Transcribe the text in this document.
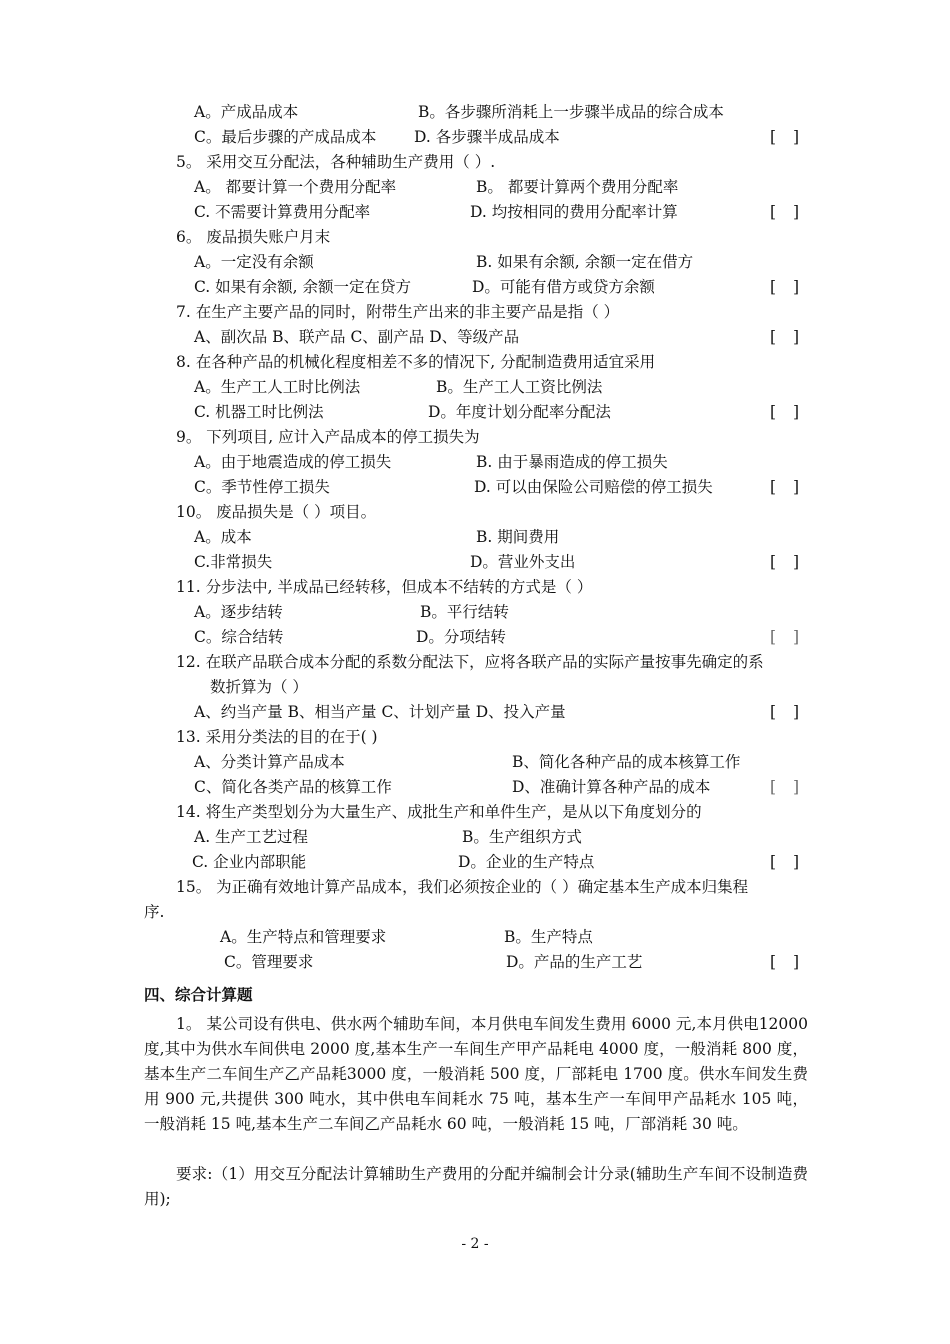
A。产成品成本	B。各步骤所消耗上一步骤半成品的综合成本
C。最后步骤的产成品成本 D. 各步骤半成品成本	[ ]
5。 采用交互分配法，各种辅助生产费用（ ）.
A。 都要计算一个费用分配率	B。 都要计算两个费用分配率
C. 不需要计算费用分配率	D. 均按相同的费用分配率计算	[ ]
6。 废品损失账户月末
A。一定没有余额	B. 如果有余额, 余额一定在借方
C. 如果有余额, 余额一定在贷方	D。可能有借方或贷方余额	[ ]
7. 在生产主要产品的同时，附带生产出来的非主要产品是指（ ）
A、副次品 B、联产品 C、副产品 D、等级产品	[ ]
8. 在各种产品的机械化程度相差不多的情况下, 分配制造费用适宜采用
A。生产工人工时比例法	B。生产工人工资比例法
C. 机器工时比例法	D。年度计划分配率分配法	[ ]
9。 下列项目, 应计入产品成本的停工损失为
A。由于地震造成的停工损失	B. 由于暴雨造成的停工损失
C。季节性停工损失	D. 可以由保险公司赔偿的停工损失	[ ]
10。 废品损失是（ ）项目。
A。成本	B. 期间费用
C.非常损失	D。营业外支出	[ ]
11. 分步法中, 半成品已经转移，但成本不结转的方式是（ ）
A。逐步结转	B。平行结转
C。综合结转	D。分项结转	[ ]
12. 在联产品联合成本分配的系数分配法下，应将各联产品的实际产量按事先确定的系
数折算为（ ）
A、约当产量 B、相当产量 C、计划产量 D、投入产量	[ ]
13. 采用分类法的目的在于( )
A、分类计算产品成本	B、简化各种产品的成本核算工作
C、简化各类产品的核算工作	D、准确计算各种产品的成本	[ ]
14. 将生产类型划分为大量生产、成批生产和单件生产，是从以下角度划分的
A. 生产工艺过程	B。生产组织方式
C. 企业内部职能	D。企业的生产特点	[ ]
15。 为正确有效地计算产品成本，我们必须按企业的（ ）确定基本生产成本归集程
序.
A。生产特点和管理要求	B。生产特点
C。管理要求	D。产品的生产工艺	[ ]
四、综合计算题
1。 某公司设有供电、供水两个辅助车间，本月供电车间发生费用 6000 元,本月供电12000 度,其中为供水车间供电 2000 度,基本生产一车间生产甲产品耗电 4000 度，一般消耗 800 度，基本生产二车间生产乙产品耗3000 度，一般消耗 500 度，厂部耗电 1700 度。供水车间发生费用 900 元,共提供 300 吨水，其中供电车间耗水 75 吨，基本生产一车间甲产品耗水 105 吨，一般消耗 15 吨,基本生产二车间乙产品耗水 60 吨，一般消耗 15 吨，厂部消耗 30 吨。
要求:（1）用交互分配法计算辅助生产费用的分配并编制会计分录(辅助生产车间不设制造费用);
- 2 -
